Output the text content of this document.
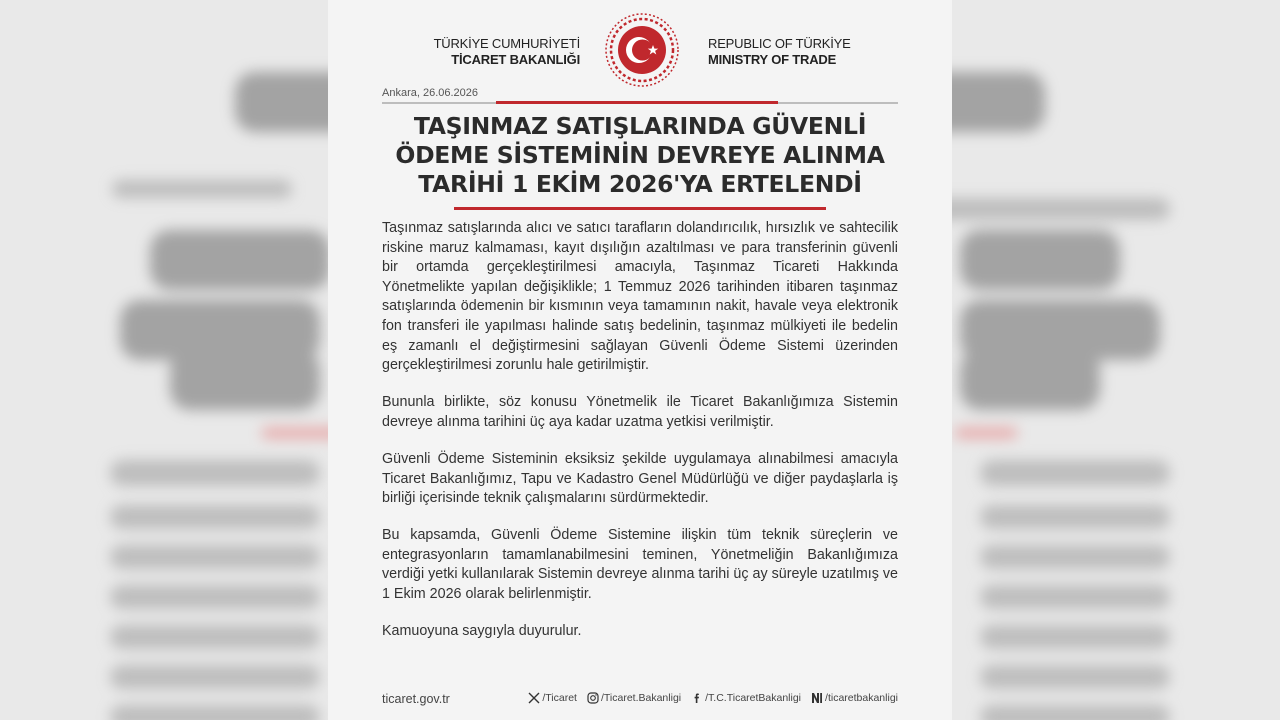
TÜRKİYE CUMHURİYETİ
TİCARET BAKANLIĞI
REPUBLIC OF TÜRKİYE
MINISTRY OF TRADE
Ankara, 26.06.2026
TAŞINMAZ SATIŞLARINDA GÜVENLİ
ÖDEME SİSTEMİNİN DEVREYE ALINMA
TARİHİ 1 EKİM 2026'YA ERTELENDİ

Taşınmaz satışlarında alıcı ve satıcı tarafların dolandırıcılık, hırsızlık ve sahtecilik riskine maruz kalmaması, kayıt dışılığın azaltılması ve para transferinin güvenli bir ortamda gerçekleştirilmesi amacıyla, Taşınmaz Ticareti Hakkında Yönetmelikte yapılan değişiklikle; 1 Temmuz 2026 tarihinden itibaren taşınmaz satışlarında ödemenin bir kısmının veya tamamının nakit, havale veya elektronik fon transferi ile yapılması halinde satış bedelinin, taşınmaz mülkiyeti ile bedelin eş zamanlı el değiştirmesini sağlayan Güvenli Ödeme Sistemi üzerinden gerçekleştirilmesi zorunlu hale getirilmiştir.

Bununla birlikte, söz konusu Yönetmelik ile Ticaret Bakanlığımıza Sistemin devreye alınma tarihini üç aya kadar uzatma yetkisi verilmiştir.

Güvenli Ödeme Sisteminin eksiksiz şekilde uygulamaya alınabilmesi amacıyla Ticaret Bakanlığımız, Tapu ve Kadastro Genel Müdürlüğü ve diğer paydaşlarla iş birliği içerisinde teknik çalışmalarını sürdürmektedir.

Bu kapsamda, Güvenli Ödeme Sistemine ilişkin tüm teknik süreçlerin ve entegrasyonların tamamlanabilmesini teminen, Yönetmeliğin Bakanlığımıza verdiği yetki kullanılarak Sistemin devreye alınma tarihi üç ay süreyle uzatılmış ve 1 Ekim 2026 olarak belirlenmiştir.

Kamuoyuna saygıyla duyurulur.

ticaret.gov.tr	/Ticaret /Ticaret.Bakanligi /T.C.TicaretBakanligi /ticaretbakanligi
